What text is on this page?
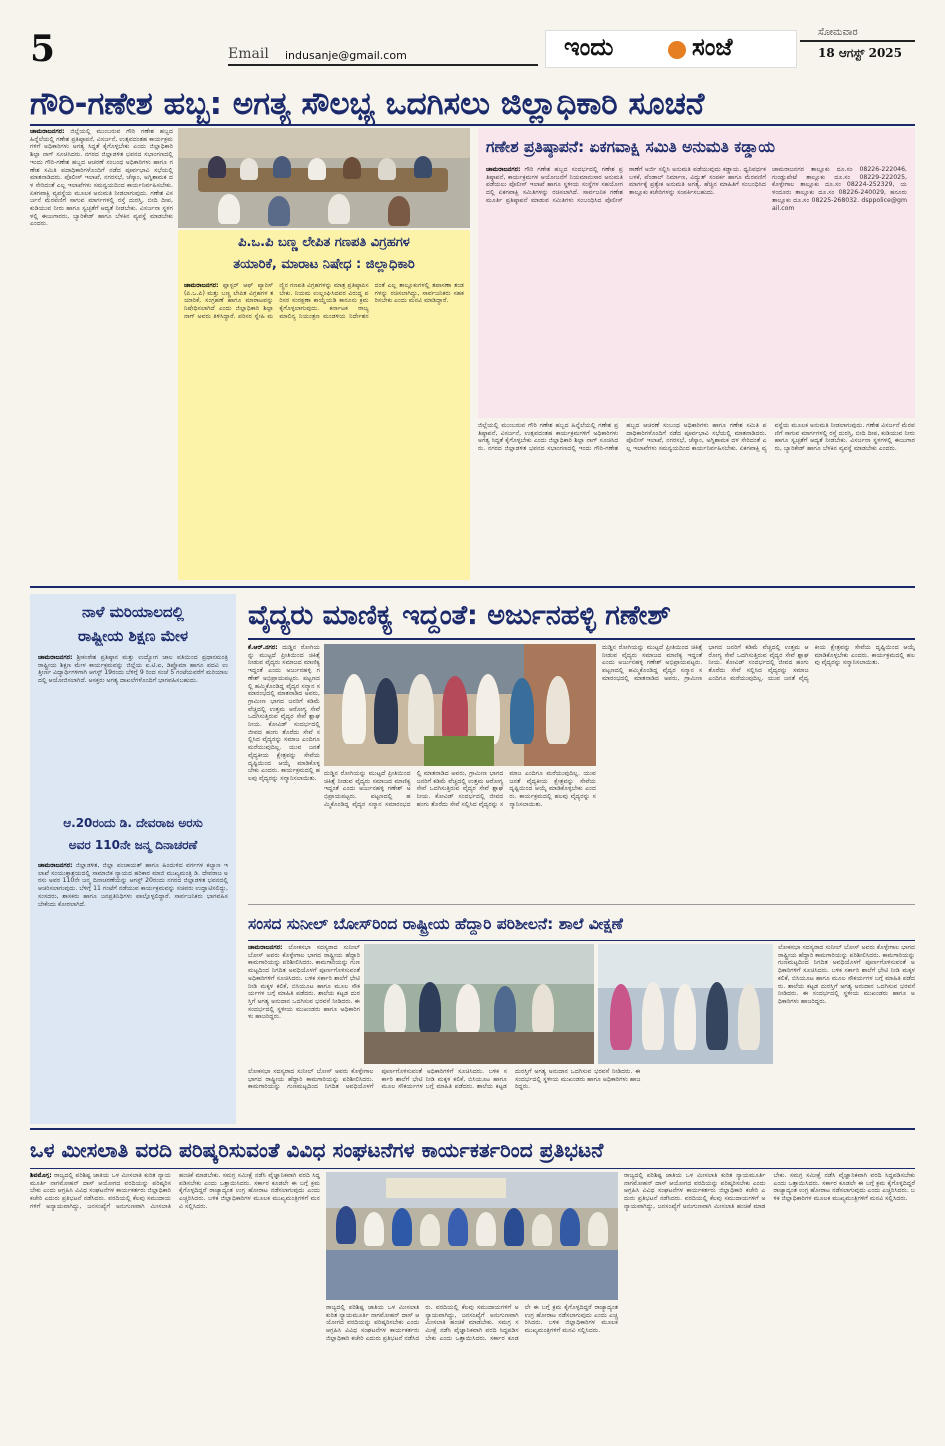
5	Email indusanje@gmail.com	ಇಂದು	ಸಂಜೆ
ಸೋಮವಾರ
18 ಆಗಸ್ಟ್ 2025
ಗೌರಿ-ಗಣೇಶ ಹಬ್ಬ: ಅಗತ್ಯ ಸೌಲಭ್ಯ ಒದಗಿಸಲು ಜಿಲ್ಲಾಧಿಕಾರಿ ಸೂಚನೆ
ಚಾಮರಾಜನಗರ: ಜಿಲ್ಲೆಯಲ್ಲಿ ಮುಂಬರುವ ಗೌರಿ ಗಣೇಶ ಹಬ್ಬದ ಹಿನ್ನೆಲೆಯಲ್ಲಿ ಗಣೇಶ ಪ್ರತಿಷ್ಠಾಪನೆ, ವಿಸರ್ಜನೆ, ಉತ್ಸವದಂತಹ ಕಾರ್ಯಕ್ರಮಗಳಿಗೆ ಅಧಿಕಾರಿಗಳು ಅಗತ್ಯ ಸಿದ್ಧತೆ ಕೈಗೊಳ್ಳಬೇಕು ಎಂದು ಜಿಲ್ಲಾಧಿಕಾರಿ ಶಿಲ್ಪಾ ನಾಗ್ ಸೂಚಿಸಿದರು. ನಗರದ ಜಿಲ್ಲಾಡಳಿತ ಭವನದ ಸಭಾಂಗಣದಲ್ಲಿ ಇಂದು ಗೌರಿ-ಗಣೇಶ ಹಬ್ಬದ ಆಚರಣೆ ಸಂಬಂಧ ಅಧಿಕಾರಿಗಳು ಹಾಗೂ ಗಣೇಶ ಸಮಿತಿ ಪದಾಧಿಕಾರಿಗಳೊಂದಿಗೆ ನಡೆದ ಪೂರ್ವಭಾವಿ ಸಭೆಯಲ್ಲಿ ಮಾತನಾಡಿದರು. ಪೊಲೀಸ್ ಇಲಾಖೆ, ನಗರಸಭೆ, ಚೆಸ್ಕಾಂ, ಅಗ್ನಿಶಾಮಕ ದಳ ಸೇರಿದಂತೆ ಎಲ್ಲ ಇಲಾಖೆಗಳು ಸಮನ್ವಯದಿಂದ ಕಾರ್ಯನಿರ್ವಹಿಸಬೇಕು. ಏಕಗವಾಕ್ಷಿ ವ್ಯವಸ್ಥೆಯ ಮೂಲಕ ಅನುಮತಿ ನೀಡಲಾಗುವುದು. ಗಣೇಶ ವಿಸರ್ಜನೆ ಮೆರವಣಿಗೆ ಸಾಗುವ ಮಾರ್ಗಗಳಲ್ಲಿ ರಸ್ತೆ ದುರಸ್ತಿ, ಬೀದಿ ದೀಪ, ಕುಡಿಯುವ ನೀರು ಹಾಗೂ ಸ್ವಚ್ಛತೆಗೆ ಆದ್ಯತೆ ನೀಡಬೇಕು. ವಿಸರ್ಜನಾ ಸ್ಥಳಗಳಲ್ಲಿ ಈಜುಗಾರರು, ಬ್ಯಾರಿಕೇಡ್ ಹಾಗೂ ಬೆಳಕಿನ ವ್ಯವಸ್ಥೆ ಮಾಡಬೇಕು ಎಂದರು.
ಪಿ.ಒ.ಪಿ ಬಣ್ಣ ಲೇಪಿತ ಗಣಪತಿ ವಿಗ್ರಹಗಳ
ತಯಾರಿಕೆ, ಮಾರಾಟ ನಿಷೇಧ : ಜಿಲ್ಲಾಧಿಕಾರಿ
ಚಾಮರಾಜನಗರ: ಪ್ಲಾಸ್ಟರ್ ಆಫ್ ಪ್ಯಾರಿಸ್ (ಪಿ.ಒ.ಪಿ) ಮತ್ತು ಬಣ್ಣ ಲೇಪಿತ ವಿಗ್ರಹಗಳ ತಯಾರಿಕೆ, ಸಂಗ್ರಹಣೆ ಹಾಗೂ ಮಾರಾಟವನ್ನು ನಿಷೇಧಿಸಲಾಗಿದೆ ಎಂದು ಜಿಲ್ಲಾಧಿಕಾರಿ ಶಿಲ್ಪಾ ನಾಗ್ ಅವರು ತಿಳಿಸಿದ್ದಾರೆ. ಪರಿಸರ ಸ್ನೇಹಿ ಮಣ್ಣಿನ ಗಣಪತಿ ವಿಗ್ರಹಗಳನ್ನು ಮಾತ್ರ ಪ್ರತಿಷ್ಠಾಪಿಸಬೇಕು. ನಿಯಮ ಉಲ್ಲಂಘಿಸಿದವರ ವಿರುದ್ಧ ಪರಿಸರ ಸಂರಕ್ಷಣಾ ಕಾಯ್ದೆಯಡಿ ಕಾನೂನು ಕ್ರಮ ಕೈಗೊಳ್ಳಲಾಗುವುದು. ಕರ್ನಾಟಕ ರಾಜ್ಯ ಮಾಲಿನ್ಯ ನಿಯಂತ್ರಣ ಮಂಡಳಿಯ ನಿರ್ದೇಶನದಂತೆ ಎಲ್ಲ ತಾಲ್ಲೂಕುಗಳಲ್ಲಿ ತಪಾಸಣಾ ತಂಡಗಳನ್ನು ರಚಿಸಲಾಗಿದ್ದು, ಸಾರ್ವಜನಿಕರು ಸಹಕರಿಸಬೇಕು ಎಂದು ಮನವಿ ಮಾಡಿದ್ದಾರೆ.
ಗಣೇಶ ಪ್ರತಿಷ್ಠಾಪನೆ: ಏಕಗವಾಕ್ಷಿ ಸಮಿತಿ ಅನುಮತಿ ಕಡ್ಡಾಯ
ಚಾಮರಾಜನಗರ: ಗೌರಿ ಗಣೇಶ ಹಬ್ಬದ ಸಂದರ್ಭದಲ್ಲಿ ಗಣೇಶ ಪ್ರತಿಷ್ಠಾಪನೆ, ಕಾರ್ಯಕ್ರಮಗಳ ಆಯೋಜನೆಗೆ ನಿಯಮಾನುಸಾರ ಅನುಮತಿ ಪಡೆಯಲು ಪೊಲೀಸ್ ಇಲಾಖೆ ಹಾಗೂ ಸ್ಥಳೀಯ ಸಂಸ್ಥೆಗಳ ಸಹಯೋಗದಲ್ಲಿ ಏಕಗವಾಕ್ಷಿ ಸಮಿತಿಗಳನ್ನು ರಚಿಸಲಾಗಿದೆ. ಸಾರ್ವಜನಿಕ ಗಣೇಶ ಮೂರ್ತಿ ಪ್ರತಿಷ್ಠಾಪನೆ ಮಾಡುವ ಸಮಿತಿಗಳು ಸಂಬಂಧಿಸಿದ ಪೊಲೀಸ್ ಠಾಣೆಗೆ ಅರ್ಜಿ ಸಲ್ಲಿಸಿ ಅನುಮತಿ ಪಡೆಯುವುದು ಕಡ್ಡಾಯ. ಧ್ವನಿವರ್ಧಕ ಬಳಕೆ, ಪೆಂಡಾಲ್ ನಿರ್ಮಾಣ, ವಿದ್ಯುತ್ ಸಂಪರ್ಕ ಹಾಗೂ ಮೆರವಣಿಗೆ ಮಾರ್ಗಕ್ಕೆ ಪ್ರತ್ಯೇಕ ಅನುಮತಿ ಅಗತ್ಯ. ಹೆಚ್ಚಿನ ಮಾಹಿತಿಗೆ ಸಂಬಂಧಿಸಿದ ತಾಲ್ಲೂಕು ಕಚೇರಿಗಳನ್ನು ಸಂಪರ್ಕಿಸಬಹುದು.
ಚಾಮರಾಜನಗರ ತಾಲ್ಲೂಕು ದೂ.ಸಂ 08226-222046, ಗುಂಡ್ಲುಪೇಟೆ ತಾಲ್ಲೂಕು ದೂ.ಸಂ 08229-222025, ಕೊಳ್ಳೇಗಾಲ ತಾಲ್ಲೂಕು ದೂ.ಸಂ 08224-252329, ಯಳಂದೂರು ತಾಲ್ಲೂಕು ದೂ.ಸಂ 08226-240029, ಹನೂರು ತಾಲ್ಲೂಕು ದೂ.ಸಂ 08225-268032. dsppolice@gmail.com
ಜಿಲ್ಲೆಯಲ್ಲಿ ಮುಂಬರುವ ಗೌರಿ ಗಣೇಶ ಹಬ್ಬದ ಹಿನ್ನೆಲೆಯಲ್ಲಿ ಗಣೇಶ ಪ್ರತಿಷ್ಠಾಪನೆ, ವಿಸರ್ಜನೆ, ಉತ್ಸವದಂತಹ ಕಾರ್ಯಕ್ರಮಗಳಿಗೆ ಅಧಿಕಾರಿಗಳು ಅಗತ್ಯ ಸಿದ್ಧತೆ ಕೈಗೊಳ್ಳಬೇಕು ಎಂದು ಜಿಲ್ಲಾಧಿಕಾರಿ ಶಿಲ್ಪಾ ನಾಗ್ ಸೂಚಿಸಿದರು. ನಗರದ ಜಿಲ್ಲಾಡಳಿತ ಭವನದ ಸಭಾಂಗಣದಲ್ಲಿ ಇಂದು ಗೌರಿ-ಗಣೇಶ ಹಬ್ಬದ ಆಚರಣೆ ಸಂಬಂಧ ಅಧಿಕಾರಿಗಳು ಹಾಗೂ ಗಣೇಶ ಸಮಿತಿ ಪದಾಧಿಕಾರಿಗಳೊಂದಿಗೆ ನಡೆದ ಪೂರ್ವಭಾವಿ ಸಭೆಯಲ್ಲಿ ಮಾತನಾಡಿದರು. ಪೊಲೀಸ್ ಇಲಾಖೆ, ನಗರಸಭೆ, ಚೆಸ್ಕಾಂ, ಅಗ್ನಿಶಾಮಕ ದಳ ಸೇರಿದಂತೆ ಎಲ್ಲ ಇಲಾಖೆಗಳು ಸಮನ್ವಯದಿಂದ ಕಾರ್ಯನಿರ್ವಹಿಸಬೇಕು. ಏಕಗವಾಕ್ಷಿ ವ್ಯವಸ್ಥೆಯ ಮೂಲಕ ಅನುಮತಿ ನೀಡಲಾಗುವುದು. ಗಣೇಶ ವಿಸರ್ಜನೆ ಮೆರವಣಿಗೆ ಸಾಗುವ ಮಾರ್ಗಗಳಲ್ಲಿ ರಸ್ತೆ ದುರಸ್ತಿ, ಬೀದಿ ದೀಪ, ಕುಡಿಯುವ ನೀರು ಹಾಗೂ ಸ್ವಚ್ಛತೆಗೆ ಆದ್ಯತೆ ನೀಡಬೇಕು. ವಿಸರ್ಜನಾ ಸ್ಥಳಗಳಲ್ಲಿ ಈಜುಗಾರರು, ಬ್ಯಾರಿಕೇಡ್ ಹಾಗೂ ಬೆಳಕಿನ ವ್ಯವಸ್ಥೆ ಮಾಡಬೇಕು ಎಂದರು.
ನಾಳೆ ಮರಿಯಾಲದಲ್ಲಿ
ರಾಷ್ಟ್ರೀಯ ಶಿಕ್ಷಣ ಮೇಳ
ಚಾಮರಾಜನಗರ: ಶ್ರೀಕಂಠೇಶ ಪ್ರತಿಷ್ಠಾನ ಮತ್ತು ಉದ್ಯೋಗ ಜಾಲ ವತಿಯಿಂದ ಪ್ರಧಾನಮಂತ್ರಿ ರಾಷ್ಟ್ರೀಯ ಶಿಕ್ಷಣ ಮೇಳ ಕಾರ್ಯಕ್ರಮವನ್ನು ಜಿಲ್ಲೆಯ ಐ.ಟಿ.ಐ, ಡಿಪ್ಲೊಮಾ ಹಾಗೂ ಪದವಿ ಉತ್ತೀರ್ಣ ವಿದ್ಯಾರ್ಥಿಗಳಿಗಾಗಿ ಆಗಸ್ಟ್ 19ರಂದು ಬೆಳಿಗ್ಗೆ 9 ರಿಂದ ಸಂಜೆ 5 ಗಂಟೆಯವರೆಗೆ ಮರಿಯಾಲದಲ್ಲಿ ಆಯೋಜಿಸಲಾಗಿದೆ. ಆಸಕ್ತರು ಅಗತ್ಯ ದಾಖಲೆಗಳೊಂದಿಗೆ ಭಾಗವಹಿಸಬಹುದು.
ಆ.20ರಂದು ಡಿ. ದೇವರಾಜ ಅರಸು
ಅವರ 110ನೇ ಜನ್ಮ ದಿನಾಚರಣೆ
ಚಾಮರಾಜನಗರ: ಜಿಲ್ಲಾಡಳಿತ, ಜಿಲ್ಲಾ ಪಂಚಾಯತ್ ಹಾಗೂ ಹಿಂದುಳಿದ ವರ್ಗಗಳ ಕಲ್ಯಾಣ ಇಲಾಖೆ ಸಂಯುಕ್ತಾಶ್ರಯದಲ್ಲಿ ಸಾಮಾಜಿಕ ನ್ಯಾಯದ ಹರಿಕಾರ ಮಾಜಿ ಮುಖ್ಯಮಂತ್ರಿ ಡಿ. ದೇವರಾಜ ಅರಸು ಅವರ 110ನೇ ಜನ್ಮ ದಿನಾಚರಣೆಯನ್ನು ಆಗಸ್ಟ್ 20ರಂದು ನಗರದ ಜಿಲ್ಲಾಡಳಿತ ಭವನದಲ್ಲಿ ಆಚರಿಸಲಾಗುವುದು. ಬೆಳಿಗ್ಗೆ 11 ಗಂಟೆಗೆ ನಡೆಯುವ ಕಾರ್ಯಕ್ರಮವನ್ನು ಸಚಿವರು ಉದ್ಘಾಟಿಸಲಿದ್ದು, ಸಂಸದರು, ಶಾಸಕರು ಹಾಗೂ ಜನಪ್ರತಿನಿಧಿಗಳು ಪಾಲ್ಗೊಳ್ಳಲಿದ್ದಾರೆ. ಸಾರ್ವಜನಿಕರು ಭಾಗವಹಿಸಬೇಕೆಂದು ಕೋರಲಾಗಿದೆ.
ವೈದ್ಯರು ಮಾಣಿಕ್ಯ ಇದ್ದಂತೆ: ಅರ್ಜುನಹಳ್ಳಿ ಗಣೇಶ್
ಕೆ.ಆರ್.ನಗರ: ದುಡ್ಡಿನ ರೋಗಿಯನ್ನು ಮುಟ್ಟದೆ ಪ್ರೀತಿಯಿಂದ ಚಿಕಿತ್ಸೆ ನೀಡುವ ವೈದ್ಯರು ಸಮಾಜದ ಮಾಣಿಕ್ಯ ಇದ್ದಂತೆ ಎಂದು ಅರ್ಜುನಹಳ್ಳಿ ಗಣೇಶ್ ಅಭಿಪ್ರಾಯಪಟ್ಟರು. ಪಟ್ಟಣದಲ್ಲಿ ಹಮ್ಮಿಕೊಂಡಿದ್ದ ವೈದ್ಯರ ಸನ್ಮಾನ ಸಮಾರಂಭದಲ್ಲಿ ಮಾತನಾಡಿದ ಅವರು, ಗ್ರಾಮೀಣ ಭಾಗದ ಜನರಿಗೆ ಕಡಿಮೆ ವೆಚ್ಚದಲ್ಲಿ ಉತ್ತಮ ಆರೋಗ್ಯ ಸೇವೆ ಒದಗಿಸುತ್ತಿರುವ ವೈದ್ಯರ ಸೇವೆ ಶ್ಲಾಘನೀಯ. ಕೋವಿಡ್ ಸಂದರ್ಭದಲ್ಲಿ ಜೀವದ ಹಂಗು ತೊರೆದು ಸೇವೆ ಸಲ್ಲಿಸಿದ ವೈದ್ಯರನ್ನು ಸಮಾಜ ಎಂದಿಗೂ ಮರೆಯುವುದಿಲ್ಲ. ಯುವ ಜನತೆ ವೈದ್ಯಕೀಯ ಕ್ಷೇತ್ರವನ್ನು ಸೇವೆಯ ದೃಷ್ಟಿಯಿಂದ ಆಯ್ಕೆ ಮಾಡಿಕೊಳ್ಳಬೇಕು ಎಂದರು. ಕಾರ್ಯಕ್ರಮದಲ್ಲಿ ಹಲವು ವೈದ್ಯರನ್ನು ಸನ್ಮಾನಿಸಲಾಯಿತು.
ದುಡ್ಡಿನ ರೋಗಿಯನ್ನು ಮುಟ್ಟದೆ ಪ್ರೀತಿಯಿಂದ ಚಿಕಿತ್ಸೆ ನೀಡುವ ವೈದ್ಯರು ಸಮಾಜದ ಮಾಣಿಕ್ಯ ಇದ್ದಂತೆ ಎಂದು ಅರ್ಜುನಹಳ್ಳಿ ಗಣೇಶ್ ಅಭಿಪ್ರಾಯಪಟ್ಟರು. ಪಟ್ಟಣದಲ್ಲಿ ಹಮ್ಮಿಕೊಂಡಿದ್ದ ವೈದ್ಯರ ಸನ್ಮಾನ ಸಮಾರಂಭದಲ್ಲಿ ಮಾತನಾಡಿದ ಅವರು, ಗ್ರಾಮೀಣ ಭಾಗದ ಜನರಿಗೆ ಕಡಿಮೆ ವೆಚ್ಚದಲ್ಲಿ ಉತ್ತಮ ಆರೋಗ್ಯ ಸೇವೆ ಒದಗಿಸುತ್ತಿರುವ ವೈದ್ಯರ ಸೇವೆ ಶ್ಲಾಘನೀಯ. ಕೋವಿಡ್ ಸಂದರ್ಭದಲ್ಲಿ ಜೀವದ ಹಂಗು ತೊರೆದು ಸೇವೆ ಸಲ್ಲಿಸಿದ ವೈದ್ಯರನ್ನು ಸಮಾಜ ಎಂದಿಗೂ ಮರೆಯುವುದಿಲ್ಲ. ಯುವ ಜನತೆ ವೈದ್ಯಕೀಯ ಕ್ಷೇತ್ರವನ್ನು ಸೇವೆಯ ದೃಷ್ಟಿಯಿಂದ ಆಯ್ಕೆ ಮಾಡಿಕೊಳ್ಳಬೇಕು ಎಂದರು. ಕಾರ್ಯಕ್ರಮದಲ್ಲಿ ಹಲವು ವೈದ್ಯರನ್ನು ಸನ್ಮಾನಿಸಲಾಯಿತು.
ದುಡ್ಡಿನ ರೋಗಿಯನ್ನು ಮುಟ್ಟದೆ ಪ್ರೀತಿಯಿಂದ ಚಿಕಿತ್ಸೆ ನೀಡುವ ವೈದ್ಯರು ಸಮಾಜದ ಮಾಣಿಕ್ಯ ಇದ್ದಂತೆ ಎಂದು ಅರ್ಜುನಹಳ್ಳಿ ಗಣೇಶ್ ಅಭಿಪ್ರಾಯಪಟ್ಟರು. ಪಟ್ಟಣದಲ್ಲಿ ಹಮ್ಮಿಕೊಂಡಿದ್ದ ವೈದ್ಯರ ಸನ್ಮಾನ ಸಮಾರಂಭದಲ್ಲಿ ಮಾತನಾಡಿದ ಅವರು, ಗ್ರಾಮೀಣ ಭಾಗದ ಜನರಿಗೆ ಕಡಿಮೆ ವೆಚ್ಚದಲ್ಲಿ ಉತ್ತಮ ಆರೋಗ್ಯ ಸೇವೆ ಒದಗಿಸುತ್ತಿರುವ ವೈದ್ಯರ ಸೇವೆ ಶ್ಲಾಘನೀಯ. ಕೋವಿಡ್ ಸಂದರ್ಭದಲ್ಲಿ ಜೀವದ ಹಂಗು ತೊರೆದು ಸೇವೆ ಸಲ್ಲಿಸಿದ ವೈದ್ಯರನ್ನು ಸಮಾಜ ಎಂದಿಗೂ ಮರೆಯುವುದಿಲ್ಲ. ಯುವ ಜನತೆ ವೈದ್ಯಕೀಯ ಕ್ಷೇತ್ರವನ್ನು ಸೇವೆಯ ದೃಷ್ಟಿಯಿಂದ ಆಯ್ಕೆ ಮಾಡಿಕೊಳ್ಳಬೇಕು ಎಂದರು. ಕಾರ್ಯಕ್ರಮದಲ್ಲಿ ಹಲವು ವೈದ್ಯರನ್ನು ಸನ್ಮಾನಿಸಲಾಯಿತು.
ಸಂಸದ ಸುನೀಲ್ ಬೋಸ್‌ರಿಂದ ರಾಷ್ಟ್ರೀಯ ಹೆದ್ದಾರಿ ಪರಿಶೀಲನೆ: ಶಾಲೆ ವೀಕ್ಷಣೆ
ಚಾಮರಾಜನಗರ: ಲೋಕಸಭಾ ಸದಸ್ಯರಾದ ಸುನೀಲ್ ಬೋಸ್ ಅವರು ಕೊಳ್ಳೇಗಾಲ ಭಾಗದ ರಾಷ್ಟ್ರೀಯ ಹೆದ್ದಾರಿ ಕಾಮಗಾರಿಯನ್ನು ಪರಿಶೀಲಿಸಿದರು. ಕಾಮಗಾರಿಯನ್ನು ಗುಣಮಟ್ಟದಿಂದ ನಿಗದಿತ ಅವಧಿಯೊಳಗೆ ಪೂರ್ಣಗೊಳಿಸುವಂತೆ ಅಧಿಕಾರಿಗಳಿಗೆ ಸೂಚಿಸಿದರು. ಬಳಿಕ ಸರ್ಕಾರಿ ಶಾಲೆಗೆ ಭೇಟಿ ನೀಡಿ ಮಕ್ಕಳ ಕಲಿಕೆ, ಬಿಸಿಯೂಟ ಹಾಗೂ ಮೂಲ ಸೌಕರ್ಯಗಳ ಬಗ್ಗೆ ಮಾಹಿತಿ ಪಡೆದರು. ಶಾಲೆಯ ಕಟ್ಟಡ ದುರಸ್ತಿಗೆ ಅಗತ್ಯ ಅನುದಾನ ಒದಗಿಸುವ ಭರವಸೆ ನೀಡಿದರು. ಈ ಸಂದರ್ಭದಲ್ಲಿ ಸ್ಥಳೀಯ ಮುಖಂಡರು ಹಾಗೂ ಅಧಿಕಾರಿಗಳು ಹಾಜರಿದ್ದರು.
ಲೋಕಸಭಾ ಸದಸ್ಯರಾದ ಸುನೀಲ್ ಬೋಸ್ ಅವರು ಕೊಳ್ಳೇಗಾಲ ಭಾಗದ ರಾಷ್ಟ್ರೀಯ ಹೆದ್ದಾರಿ ಕಾಮಗಾರಿಯನ್ನು ಪರಿಶೀಲಿಸಿದರು. ಕಾಮಗಾರಿಯನ್ನು ಗುಣಮಟ್ಟದಿಂದ ನಿಗದಿತ ಅವಧಿಯೊಳಗೆ ಪೂರ್ಣಗೊಳಿಸುವಂತೆ ಅಧಿಕಾರಿಗಳಿಗೆ ಸೂಚಿಸಿದರು. ಬಳಿಕ ಸರ್ಕಾರಿ ಶಾಲೆಗೆ ಭೇಟಿ ನೀಡಿ ಮಕ್ಕಳ ಕಲಿಕೆ, ಬಿಸಿಯೂಟ ಹಾಗೂ ಮೂಲ ಸೌಕರ್ಯಗಳ ಬಗ್ಗೆ ಮಾಹಿತಿ ಪಡೆದರು. ಶಾಲೆಯ ಕಟ್ಟಡ ದುರಸ್ತಿಗೆ ಅಗತ್ಯ ಅನುದಾನ ಒದಗಿಸುವ ಭರವಸೆ ನೀಡಿದರು. ಈ ಸಂದರ್ಭದಲ್ಲಿ ಸ್ಥಳೀಯ ಮುಖಂಡರು ಹಾಗೂ ಅಧಿಕಾರಿಗಳು ಹಾಜರಿದ್ದರು.
ಲೋಕಸಭಾ ಸದಸ್ಯರಾದ ಸುನೀಲ್ ಬೋಸ್ ಅವರು ಕೊಳ್ಳೇಗಾಲ ಭಾಗದ ರಾಷ್ಟ್ರೀಯ ಹೆದ್ದಾರಿ ಕಾಮಗಾರಿಯನ್ನು ಪರಿಶೀಲಿಸಿದರು. ಕಾಮಗಾರಿಯನ್ನು ಗುಣಮಟ್ಟದಿಂದ ನಿಗದಿತ ಅವಧಿಯೊಳಗೆ ಪೂರ್ಣಗೊಳಿಸುವಂತೆ ಅಧಿಕಾರಿಗಳಿಗೆ ಸೂಚಿಸಿದರು. ಬಳಿಕ ಸರ್ಕಾರಿ ಶಾಲೆಗೆ ಭೇಟಿ ನೀಡಿ ಮಕ್ಕಳ ಕಲಿಕೆ, ಬಿಸಿಯೂಟ ಹಾಗೂ ಮೂಲ ಸೌಕರ್ಯಗಳ ಬಗ್ಗೆ ಮಾಹಿತಿ ಪಡೆದರು. ಶಾಲೆಯ ಕಟ್ಟಡ ದುರಸ್ತಿಗೆ ಅಗತ್ಯ ಅನುದಾನ ಒದಗಿಸುವ ಭರವಸೆ ನೀಡಿದರು. ಈ ಸಂದರ್ಭದಲ್ಲಿ ಸ್ಥಳೀಯ ಮುಖಂಡರು ಹಾಗೂ ಅಧಿಕಾರಿಗಳು ಹಾಜರಿದ್ದರು.
ಒಳ ಮೀಸಲಾತಿ ವರದಿ ಪರಿಷ್ಕರಿಸುವಂತೆ ವಿವಿಧ ಸಂಘಟನೆಗಳ ಕಾರ್ಯಕರ್ತರಿಂದ ಪ್ರತಿಭಟನೆ
ಶಿವಮೊಗ್ಗ: ರಾಜ್ಯದಲ್ಲಿ ಪರಿಶಿಷ್ಟ ಜಾತಿಯ ಒಳ ಮೀಸಲಾತಿ ಕುರಿತ ನ್ಯಾಯಮೂರ್ತಿ ನಾಗಮೋಹನ್ ದಾಸ್ ಆಯೋಗದ ವರದಿಯನ್ನು ಪರಿಷ್ಕರಿಸಬೇಕು ಎಂದು ಆಗ್ರಹಿಸಿ ವಿವಿಧ ಸಂಘಟನೆಗಳ ಕಾರ್ಯಕರ್ತರು ಜಿಲ್ಲಾಧಿಕಾರಿ ಕಚೇರಿ ಎದುರು ಪ್ರತಿಭಟನೆ ನಡೆಸಿದರು. ವರದಿಯಲ್ಲಿ ಕೆಲವು ಸಮುದಾಯಗಳಿಗೆ ಅನ್ಯಾಯವಾಗಿದ್ದು, ಜನಸಂಖ್ಯೆಗೆ ಅನುಗುಣವಾಗಿ ಮೀಸಲಾತಿ ಹಂಚಿಕೆ ಮಾಡಬೇಕು. ಸಮಗ್ರ ಸಮೀಕ್ಷೆ ನಡೆಸಿ ವೈಜ್ಞಾನಿಕವಾಗಿ ವರದಿ ಸಿದ್ಧಪಡಿಸಬೇಕು ಎಂದು ಒತ್ತಾಯಿಸಿದರು. ಸರ್ಕಾರ ಕೂಡಲೇ ಈ ಬಗ್ಗೆ ಕ್ರಮ ಕೈಗೊಳ್ಳದಿದ್ದರೆ ರಾಜ್ಯಾದ್ಯಂತ ಉಗ್ರ ಹೋರಾಟ ನಡೆಸಲಾಗುವುದು ಎಂದು ಎಚ್ಚರಿಸಿದರು. ಬಳಿಕ ಜಿಲ್ಲಾಧಿಕಾರಿಗಳ ಮೂಲಕ ಮುಖ್ಯಮಂತ್ರಿಗಳಿಗೆ ಮನವಿ ಸಲ್ಲಿಸಿದರು.
ರಾಜ್ಯದಲ್ಲಿ ಪರಿಶಿಷ್ಟ ಜಾತಿಯ ಒಳ ಮೀಸಲಾತಿ ಕುರಿತ ನ್ಯಾಯಮೂರ್ತಿ ನಾಗಮೋಹನ್ ದಾಸ್ ಆಯೋಗದ ವರದಿಯನ್ನು ಪರಿಷ್ಕರಿಸಬೇಕು ಎಂದು ಆಗ್ರಹಿಸಿ ವಿವಿಧ ಸಂಘಟನೆಗಳ ಕಾರ್ಯಕರ್ತರು ಜಿಲ್ಲಾಧಿಕಾರಿ ಕಚೇರಿ ಎದುರು ಪ್ರತಿಭಟನೆ ನಡೆಸಿದರು. ವರದಿಯಲ್ಲಿ ಕೆಲವು ಸಮುದಾಯಗಳಿಗೆ ಅನ್ಯಾಯವಾಗಿದ್ದು, ಜನಸಂಖ್ಯೆಗೆ ಅನುಗುಣವಾಗಿ ಮೀಸಲಾತಿ ಹಂಚಿಕೆ ಮಾಡಬೇಕು. ಸಮಗ್ರ ಸಮೀಕ್ಷೆ ನಡೆಸಿ ವೈಜ್ಞಾನಿಕವಾಗಿ ವರದಿ ಸಿದ್ಧಪಡಿಸಬೇಕು ಎಂದು ಒತ್ತಾಯಿಸಿದರು. ಸರ್ಕಾರ ಕೂಡಲೇ ಈ ಬಗ್ಗೆ ಕ್ರಮ ಕೈಗೊಳ್ಳದಿದ್ದರೆ ರಾಜ್ಯಾದ್ಯಂತ ಉಗ್ರ ಹೋರಾಟ ನಡೆಸಲಾಗುವುದು ಎಂದು ಎಚ್ಚರಿಸಿದರು. ಬಳಿಕ ಜಿಲ್ಲಾಧಿಕಾರಿಗಳ ಮೂಲಕ ಮುಖ್ಯಮಂತ್ರಿಗಳಿಗೆ ಮನವಿ ಸಲ್ಲಿಸಿದರು.
ರಾಜ್ಯದಲ್ಲಿ ಪರಿಶಿಷ್ಟ ಜಾತಿಯ ಒಳ ಮೀಸಲಾತಿ ಕುರಿತ ನ್ಯಾಯಮೂರ್ತಿ ನಾಗಮೋಹನ್ ದಾಸ್ ಆಯೋಗದ ವರದಿಯನ್ನು ಪರಿಷ್ಕರಿಸಬೇಕು ಎಂದು ಆಗ್ರಹಿಸಿ ವಿವಿಧ ಸಂಘಟನೆಗಳ ಕಾರ್ಯಕರ್ತರು ಜಿಲ್ಲಾಧಿಕಾರಿ ಕಚೇರಿ ಎದುರು ಪ್ರತಿಭಟನೆ ನಡೆಸಿದರು. ವರದಿಯಲ್ಲಿ ಕೆಲವು ಸಮುದಾಯಗಳಿಗೆ ಅನ್ಯಾಯವಾಗಿದ್ದು, ಜನಸಂಖ್ಯೆಗೆ ಅನುಗುಣವಾಗಿ ಮೀಸಲಾತಿ ಹಂಚಿಕೆ ಮಾಡಬೇಕು. ಸಮಗ್ರ ಸಮೀಕ್ಷೆ ನಡೆಸಿ ವೈಜ್ಞಾನಿಕವಾಗಿ ವರದಿ ಸಿದ್ಧಪಡಿಸಬೇಕು ಎಂದು ಒತ್ತಾಯಿಸಿದರು. ಸರ್ಕಾರ ಕೂಡಲೇ ಈ ಬಗ್ಗೆ ಕ್ರಮ ಕೈಗೊಳ್ಳದಿದ್ದರೆ ರಾಜ್ಯಾದ್ಯಂತ ಉಗ್ರ ಹೋರಾಟ ನಡೆಸಲಾಗುವುದು ಎಂದು ಎಚ್ಚರಿಸಿದರು. ಬಳಿಕ ಜಿಲ್ಲಾಧಿಕಾರಿಗಳ ಮೂಲಕ ಮುಖ್ಯಮಂತ್ರಿಗಳಿಗೆ ಮನವಿ ಸಲ್ಲಿಸಿದರು.
